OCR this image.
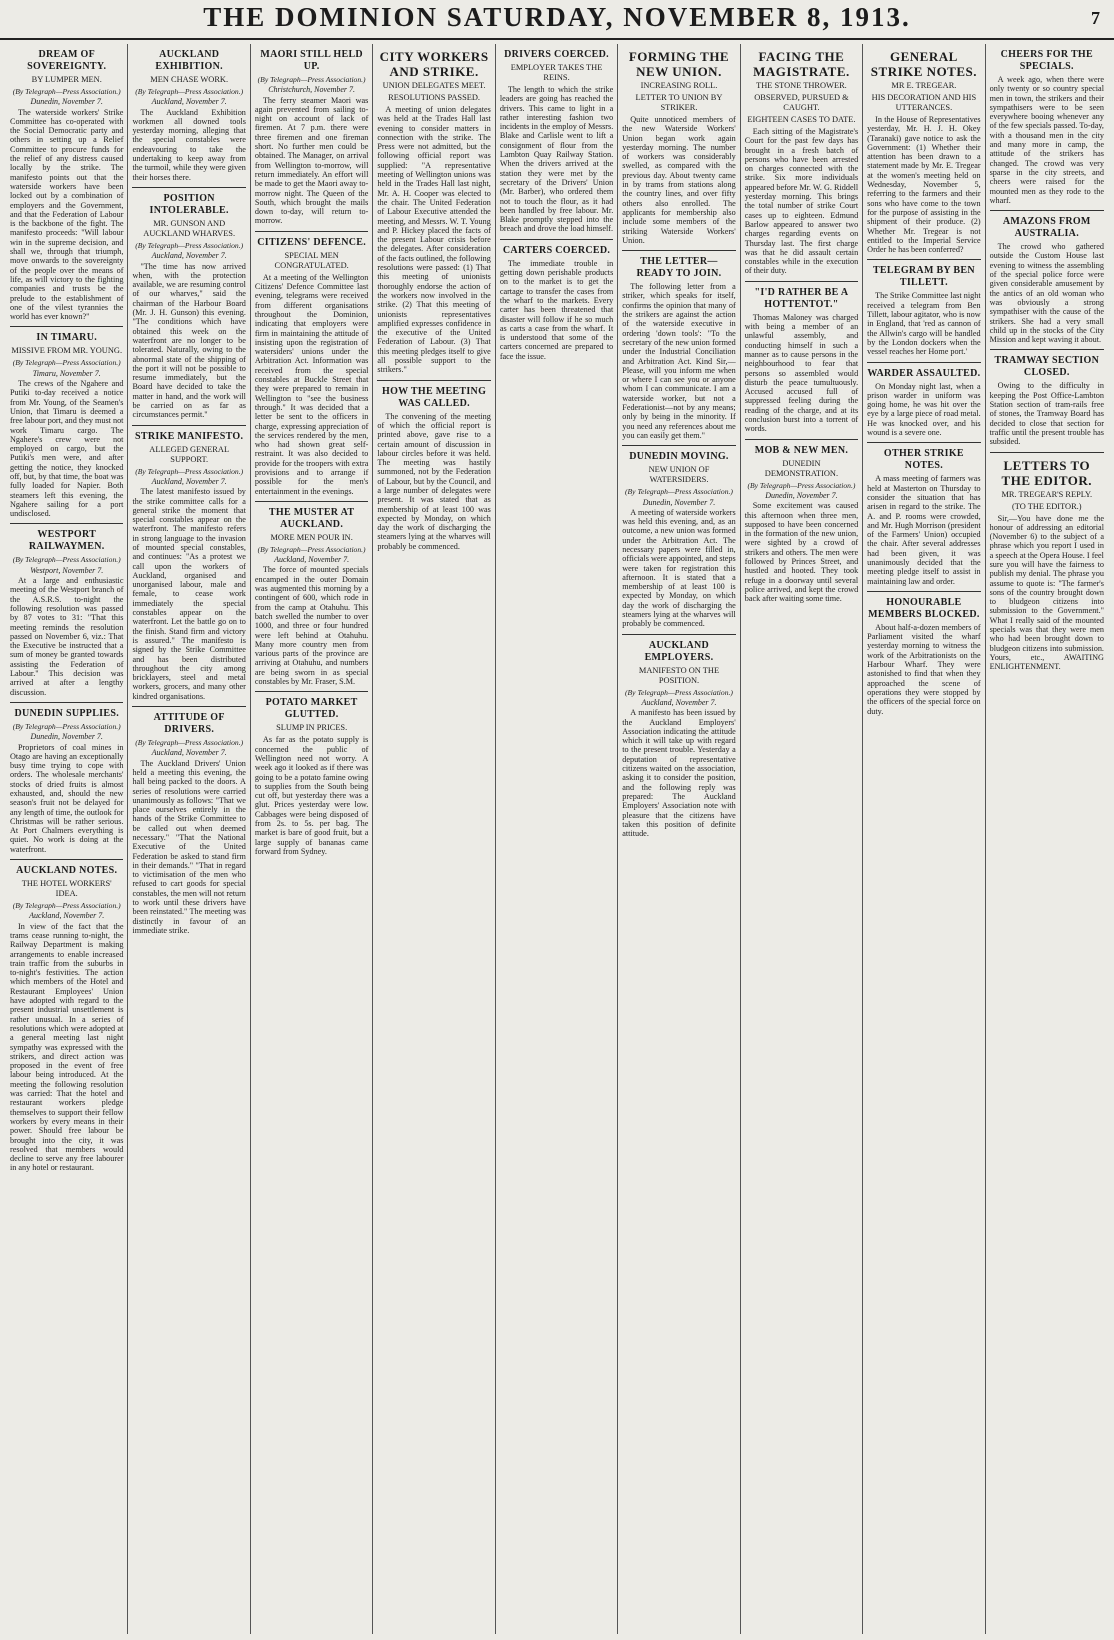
THE DOMINION SATURDAY, NOVEMBER 8, 1913.	7
DREAM OF SOVEREIGNTY.
BY LUMPER MEN.
(By Telegraph—Press Association.)
Dunedin, November 7.
The waterside workers' Strike Committee has co-operated with the Social Democratic party and others in setting up a Relief Committee to procure funds for the relief of any distress caused locally by the strike. The manifesto points out that the waterside workers have been locked out by a combination of employers and the Government, and that the Federation of Labour is the backbone of the fight. The manifesto proceeds: "Will labour win in the supreme decision, and shall we, through that triumph, move onwards to the sovereignty of the people over the means of life, as will victory to the fighting companies and trusts be the prelude to the establishment of one of the vilest tyrannies the world has ever known?"
IN TIMARU.
MISSIVE FROM MR. YOUNG.
(By Telegraph—Press Association.)
Timaru, November 7.
The crews of the Ngahere and Putiki to-day received a notice from Mr. Young, of the Seamen's Union, that Timaru is deemed a free labour port, and they must not work Timaru cargo. The Ngahere's crew were not employed on cargo, but the Putiki's men were, and after getting the notice, they knocked off, but, by that time, the boat was fully loaded for Napier. Both steamers left this evening, the Ngahere sailing for a port undisclosed.
WESTPORT RAILWAYMEN.
(By Telegraph—Press Association.)
Westport, November 7.
At a large and enthusiastic meeting of the Westport branch of the A.S.R.S. to-night the following resolution was passed by 87 votes to 31: "That this meeting reminds the resolution passed on November 6, viz.: That the Executive be instructed that a sum of money be granted towards assisting the Federation of Labour." This decision was arrived at after a lengthy discussion.
DUNEDIN SUPPLIES.
(By Telegraph—Press Association.)
Dunedin, November 7.
Proprietors of coal mines in Otago are having an exceptionally busy time trying to cope with orders. The wholesale merchants' stocks of dried fruits is almost exhausted, and, should the new season's fruit not be delayed for any length of time, the outlook for Christmas will be rather serious. At Port Chalmers everything is quiet. No work is doing at the waterfront.
AUCKLAND NOTES.
THE HOTEL WORKERS' IDEA.
(By Telegraph—Press Association.)
Auckland, November 7.
In view of the fact that the trams cease running to-night, the Railway Department is making arrangements to enable increased train traffic from the suburbs in to-night's festivities. The action which members of the Hotel and Restaurant Employees' Union have adopted with regard to the present industrial unsettlement is rather unusual. In a series of resolutions which were adopted at a general meeting last night sympathy was expressed with the strikers, and direct action was proposed in the event of free labour being introduced. At the meeting the following resolution was carried: That the hotel and restaurant workers pledge themselves to support their fellow workers by every means in their power. Should free labour be brought into the city, it was resolved that members would decline to serve any free labourer in any hotel or restaurant.
AUCKLAND EXHIBITION.
MEN CHASE WORK.
(By Telegraph—Press Association.)
Auckland, November 7.
The Auckland Exhibition workmen all downed tools yesterday morning, alleging that the special constables were endeavouring to take the undertaking to keep away from the turmoil, while they were given their horses there.
POSITION INTOLERABLE.
MR. GUNSON AND AUCKLAND WHARVES.
(By Telegraph—Press Association.)
Auckland, November 7.
"The time has now arrived when, with the protection available, we are resuming control of our wharves," said the chairman of the Harbour Board (Mr. J. H. Gunson) this evening. "The conditions which have obtained this week on the waterfront are no longer to be tolerated. Naturally, owing to the abnormal state of the shipping of the port it will not be possible to resume immediately, but the Board have decided to take the matter in hand, and the work will be carried on as far as circumstances permit."
STRIKE MANIFESTO.
ALLEGED GENERAL SUPPORT.
(By Telegraph—Press Association.)
Auckland, November 7.
The latest manifesto issued by the strike committee calls for a general strike the moment that special constables appear on the waterfront. The manifesto refers in strong language to the invasion of mounted special constables, and continues: "As a protest we call upon the workers of Auckland, organised and unorganised labour, male and female, to cease work immediately the special constables appear on the waterfront. Let the battle go on to the finish. Stand firm and victory is assured." The manifesto is signed by the Strike Committee and has been distributed throughout the city among bricklayers, steel and metal workers, grocers, and many other kindred organisations.
ATTITUDE OF DRIVERS.
(By Telegraph—Press Association.)
Auckland, November 7.
The Auckland Drivers' Union held a meeting this evening, the hall being packed to the doors. A series of resolutions were carried unanimously as follows: "That we place ourselves entirely in the hands of the Strike Committee to be called out when deemed necessary." "That the National Executive of the United Federation be asked to stand firm in their demands." "That in regard to victimisation of the men who refused to cart goods for special constables, the men will not return to work until these drivers have been reinstated." The meeting was distinctly in favour of an immediate strike.
MAORI STILL HELD UP.
(By Telegraph—Press Association.)
Christchurch, November 7.
The ferry steamer Maori was again prevented from sailing to-night on account of lack of firemen. At 7 p.m. there were three firemen and one fireman short. No further men could be obtained. The Manager, on arrival from Wellington to-morrow, will return immediately. An effort will be made to get the Maori away to-morrow night. The Queen of the South, which brought the mails down to-day, will return to-morrow.
CITIZENS' DEFENCE.
SPECIAL MEN CONGRATULATED.
At a meeting of the Wellington Citizens' Defence Committee last evening, telegrams were received from different organisations throughout the Dominion, indicating that employers were firm in maintaining the attitude of insisting upon the registration of watersiders' unions under the Arbitration Act. Information was received from the special constables at Buckle Street that they were prepared to remain in Wellington to "see the business through." It was decided that a letter be sent to the officers in charge, expressing appreciation of the services rendered by the men, who had shown great self-restraint. It was also decided to provide for the troopers with extra provisions and to arrange if possible for the men's entertainment in the evenings.
THE MUSTER AT AUCKLAND.
MORE MEN POUR IN.
(By Telegraph—Press Association.)
Auckland, November 7.
The force of mounted specials encamped in the outer Domain was augmented this morning by a contingent of 600, which rode in from the camp at Otahuhu. This batch swelled the number to over 1000, and three or four hundred were left behind at Otahuhu. Many more country men from various parts of the province are arriving at Otahuhu, and numbers are being sworn in as special constables by Mr. Fraser, S.M.
POTATO MARKET GLUTTED.
SLUMP IN PRICES.
As far as the potato supply is concerned the public of Wellington need not worry. A week ago it looked as if there was going to be a potato famine owing to supplies from the South being cut off, but yesterday there was a glut. Prices yesterday were low. Cabbages were being disposed of from 2s. to 5s. per bag. The market is bare of good fruit, but a large supply of bananas came forward from Sydney.
CITY WORKERS AND STRIKE.
UNION DELEGATES MEET.
RESOLUTIONS PASSED.
A meeting of union delegates was held at the Trades Hall last evening to consider matters in connection with the strike. The Press were not admitted, but the following official report was supplied: "A representative meeting of Wellington unions was held in the Trades Hall last night, Mr. A. H. Cooper was elected to the chair. The United Federation of Labour Executive attended the meeting, and Messrs. W. T. Young and P. Hickey placed the facts of the present Labour crisis before the delegates. After consideration of the facts outlined, the following resolutions were passed: (1) That this meeting of unionists thoroughly endorse the action of the workers now involved in the strike. (2) That this meeting of unionists representatives amplified expresses confidence in the executive of the United Federation of Labour. (3) That this meeting pledges itself to give all possible support to the strikers."
HOW THE MEETING WAS CALLED.
The convening of the meeting of which the official report is printed above, gave rise to a certain amount of discussion in labour circles before it was held. The meeting was hastily summoned, not by the Federation of Labour, but by the Council, and a large number of delegates were present. It was stated that as membership of at least 100 was expected by Monday, on which day the work of discharging the steamers lying at the wharves will probably be commenced.
DRIVERS COERCED.
EMPLOYER TAKES THE REINS.
The length to which the strike leaders are going has reached the drivers. This came to light in a rather interesting fashion two incidents in the employ of Messrs. Blake and Carlisle went to lift a consignment of flour from the Lambton Quay Railway Station. When the drivers arrived at the station they were met by the secretary of the Drivers' Union (Mr. Barber), who ordered them not to touch the flour, as it had been handled by free labour. Mr. Blake promptly stepped into the breach and drove the load himself.
CARTERS COERCED.
The immediate trouble in getting down perishable products on to the market is to get the cartage to transfer the cases from the wharf to the markets. Every carter has been threatened that disaster will follow if he so much as carts a case from the wharf. It is understood that some of the carters concerned are prepared to face the issue.
FORMING THE NEW UNION.
INCREASING ROLL.
LETTER TO UNION BY STRIKER.
Quite unnoticed members of the new Waterside Workers' Union began work again yesterday morning. The number of workers was considerably swelled, as compared with the previous day. About twenty came in by trams from stations along the country lines, and over fifty others also enrolled. The applicants for membership also include some members of the striking Waterside Workers' Union.
THE LETTER—READY TO JOIN.
The following letter from a striker, which speaks for itself, confirms the opinion that many of the strikers are against the action of the waterside executive in ordering 'down tools': "To the secretary of the new union formed under the Industrial Conciliation and Arbitration Act. Kind Sir,—Please, will you inform me when or where I can see you or anyone whom I can communicate. I am a waterside worker, but not a Federationist—not by any means; only by being in the minority. If you need any references about me you can easily get them."
DUNEDIN MOVING.
NEW UNION OF WATERSIDERS.
(By Telegraph—Press Association.)
Dunedin, November 7.
A meeting of waterside workers was held this evening, and, as an outcome, a new union was formed under the Arbitration Act. The necessary papers were filled in, officials were appointed, and steps were taken for registration this afternoon. It is stated that a membership of at least 100 is expected by Monday, on which day the work of discharging the steamers lying at the wharves will probably be commenced.
AUCKLAND EMPLOYERS.
MANIFESTO ON THE POSITION.
(By Telegraph—Press Association.)
Auckland, November 7.
A manifesto has been issued by the Auckland Employers' Association indicating the attitude which it will take up with regard to the present trouble. Yesterday a deputation of representative citizens waited on the association, asking it to consider the position, and the following reply was prepared: The Auckland Employers' Association note with pleasure that the citizens have taken this position of definite attitude.
FACING THE MAGISTRATE.
THE STONE THROWER.
OBSERVED, PURSUED & CAUGHT.
EIGHTEEN CASES TO DATE.
Each sitting of the Magistrate's Court for the past few days has brought in a fresh batch of persons who have been arrested on charges connected with the strike. Six more individuals appeared before Mr. W. G. Riddell yesterday morning. This brings the total number of strike Court cases up to eighteen. Edmund Barlow appeared to answer two charges regarding events on Thursday last. The first charge was that he did assault certain constables while in the execution of their duty.
"I'D RATHER BE A HOTTENTOT."
Thomas Maloney was charged with being a member of an unlawful assembly, and conducting himself in such a manner as to cause persons in the neighbourhood to fear that persons so assembled would disturb the peace tumultuously. Accused accused full of suppressed feeling during the reading of the charge, and at its conclusion burst into a torrent of words.
MOB & NEW MEN.
DUNEDIN DEMONSTRATION.
(By Telegraph—Press Association.)
Dunedin, November 7.
Some excitement was caused this afternoon when three men, supposed to have been concerned in the formation of the new union, were sighted by a crowd of strikers and others. The men were followed by Princes Street, and hustled and hooted. They took refuge in a doorway until several police arrived, and kept the crowd back after waiting some time.
GENERAL STRIKE NOTES.
MR E. TREGEAR.
HIS DECORATION AND HIS UTTERANCES.
In the House of Representatives yesterday, Mr. H. J. H. Okey (Taranaki) gave notice to ask the Government: (1) Whether their attention has been drawn to a statement made by Mr. E. Tregear at the women's meeting held on Wednesday, November 5, referring to the farmers and their sons who have come to the town for the purpose of assisting in the shipment of their produce. (2) Whether Mr. Tregear is not entitled to the Imperial Service Order he has been conferred?
TELEGRAM BY BEN TILLETT.
The Strike Committee last night received a telegram from Ben Tillett, labour agitator, who is now in England, that 'red as cannon of the Allwin's cargo will be handled by the London dockers when the vessel reaches her Home port.'
WARDER ASSAULTED.
On Monday night last, when a prison warder in uniform was going home, he was hit over the eye by a large piece of road metal. He was knocked over, and his wound is a severe one.
OTHER STRIKE NOTES.
A mass meeting of farmers was held at Masterton on Thursday to consider the situation that has arisen in regard to the strike. The A. and P. rooms were crowded, and Mr. Hugh Morrison (president of the Farmers' Union) occupied the chair. After several addresses had been given, it was unanimously decided that the meeting pledge itself to assist in maintaining law and order.
HONOURABLE MEMBERS BLOCKED.
About half-a-dozen members of Parliament visited the wharf yesterday morning to witness the work of the Arbitrationists on the Harbour Wharf. They were astonished to find that when they approached the scene of operations they were stopped by the officers of the special force on duty.
CHEERS FOR THE SPECIALS.
A week ago, when there were only twenty or so country special men in town, the strikers and their sympathisers were to be seen everywhere booing whenever any of the few specials passed. To-day, with a thousand men in the city and many more in camp, the attitude of the strikers has changed. The crowd was very sparse in the city streets, and cheers were raised for the mounted men as they rode to the wharf.
AMAZONS FROM AUSTRALIA.
The crowd who gathered outside the Custom House last evening to witness the assembling of the special police force were given considerable amusement by the antics of an old woman who was obviously a strong sympathiser with the cause of the strikers. She had a very small child up in the stocks of the City Mission and kept waving it about.
TRAMWAY SECTION CLOSED.
Owing to the difficulty in keeping the Post Office-Lambton Station section of tram-rails free of stones, the Tramway Board has decided to close that section for traffic until the present trouble has subsided.
LETTERS TO THE EDITOR.
MR. TREGEAR'S REPLY.
(TO THE EDITOR.)
Sir,—You have done me the honour of addressing an editorial (November 6) to the subject of a phrase which you report I used in a speech at the Opera House. I feel sure you will have the fairness to publish my denial. The phrase you assume to quote is: "The farmer's sons of the country brought down to bludgeon citizens into submission to the Government." What I really said of the mounted specials was that they were men who had been brought down to bludgeon citizens into submission. Yours, etc., AWAITING ENLIGHTENMENT.
